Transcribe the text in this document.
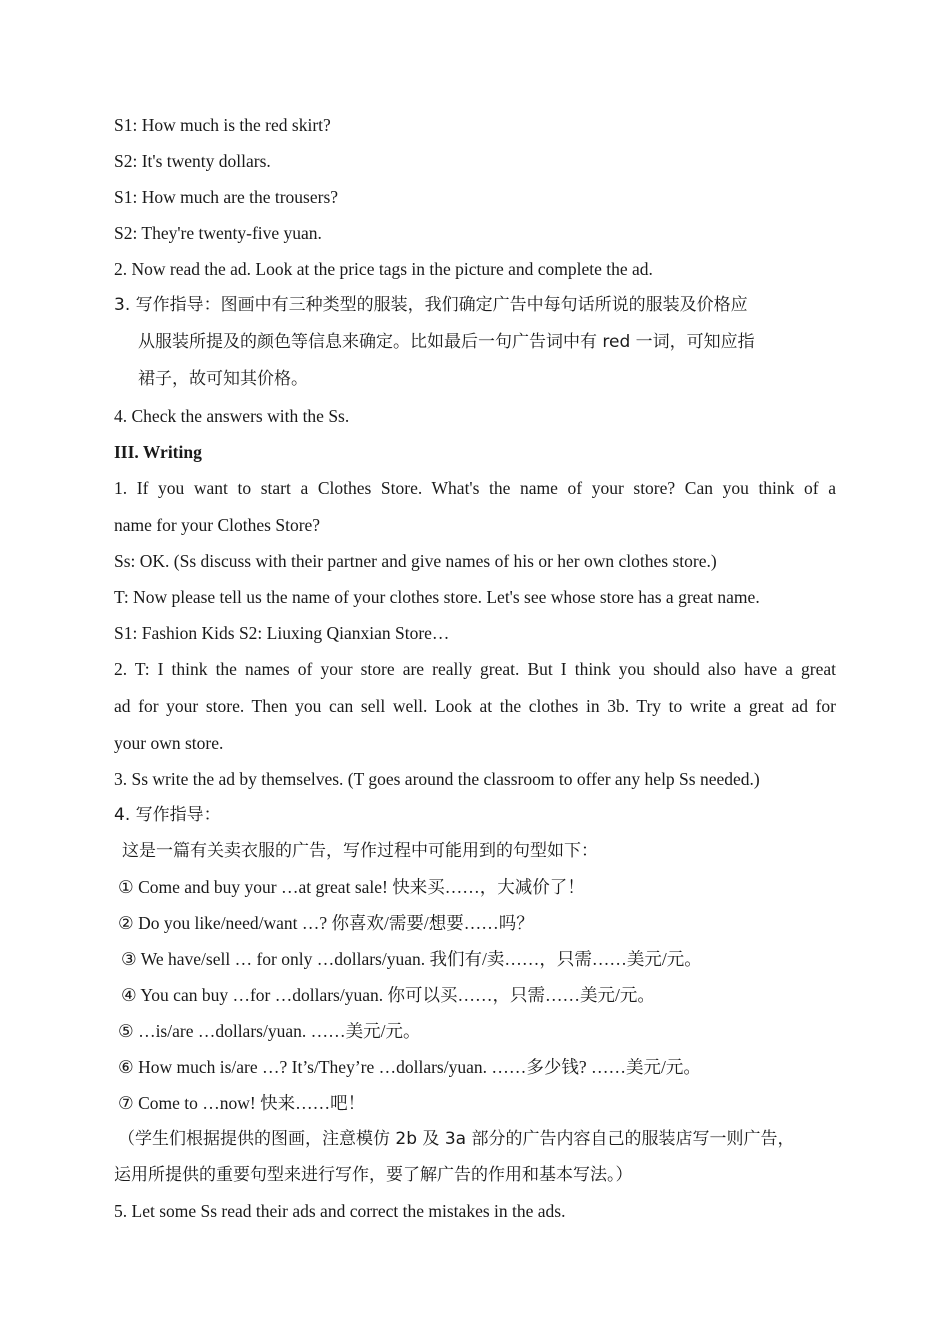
S1: How much is the red skirt?
S2: It's twenty dollars.
S1: How much are the trousers?
S2: They're twenty-five yuan.
2. Now read the ad. Look at the price tags in the picture and complete the ad.
3. 写作指导：图画中有三种类型的服装，我们确定广告中每句话所说的服装及价格应
从服装所提及的颜色等信息来确定。比如最后一句广告词中有 red 一词，可知应指
裙子，故可知其价格。
4. Check the answers with the Ss.
III. Writing
1. If you want to start a Clothes Store. What's the name of your store? Can you think of a
name for your Clothes Store?
Ss: OK. (Ss discuss with their partner and give names of his or her own clothes store.)
T: Now please tell us the name of your clothes store. Let's see whose store has a great name.
S1: Fashion Kids S2: Liuxing Qianxian Store…
2. T: I think the names of your store are really great. But I think you should also have a great
ad for your store. Then you can sell well. Look at the clothes in 3b. Try to write a great ad for
your own store.
3. Ss write the ad by themselves. (T goes around the classroom to offer any help Ss needed.)
4. 写作指导：
这是一篇有关卖衣服的广告，写作过程中可能用到的句型如下：
① Come and buy your …at great sale! 快来买……，大减价了！
② Do you like/need/want …? 你喜欢/需要/想要……吗？
③ We have/sell … for only …dollars/yuan. 我们有/卖……，只需……美元/元。
④ You can buy …for …dollars/yuan. 你可以买……，只需……美元/元。
⑤ …is/are …dollars/yuan. ……美元/元。
⑥ How much is/are …? It’s/They’re …dollars/yuan. ……多少钱? ……美元/元。
⑦ Come to …now! 快来……吧！
（学生们根据提供的图画，注意模仿 2b 及 3a 部分的广告内容自己的服装店写一则广告，
运用所提供的重要句型来进行写作，要了解广告的作用和基本写法。）
5. Let some Ss read their ads and correct the mistakes in the ads.
